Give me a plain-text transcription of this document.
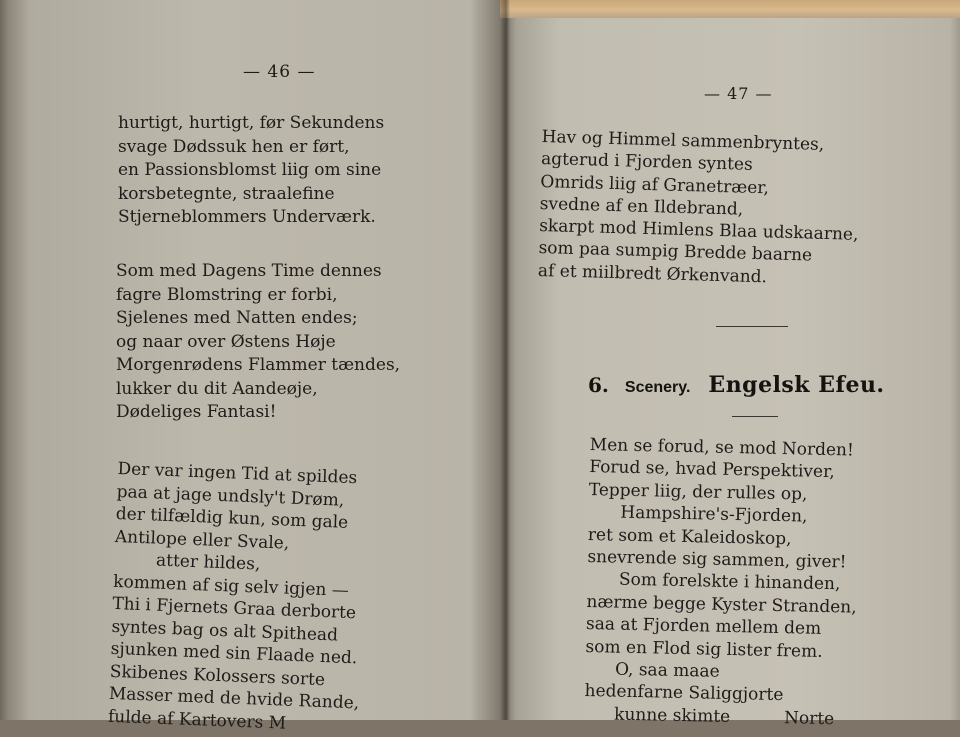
— 46 —
hurtigt, hurtigt, før Sekundens
svage Dødssuk hen er ført,
en Passionsblomst liig om sine
korsbetegnte, straalefine
Stjerneblommers Underværk.
Som med Dagens Time dennes
fagre Blomstring er forbi,
Sjelenes med Natten endes;
og naar over Østens Høje
Morgenrødens Flammer tændes,
lukker du dit Aandeøje,
Dødeliges Fantasi!
Der var ingen Tid at spildes
paa at jage undsly't Drøm,
der tilfældig kun, som gale
Antilope eller Svale,
atter hildes,
kommen af sig selv igjen —
Thi i Fjernets Graa derborte
syntes bag os alt Spithead
sjunken med sin Flaade ned.
Skibenes Kolossers sorte
Masser med de hvide Rande,
fulde af Kartovers M
— 47 —
Hav og Himmel sammenbryntes,
agterud i Fjorden syntes
Omrids liig af Granetræer,
svedne af en Ildebrand,
skarpt mod Himlens Blaa udskaarne,
som paa sumpig Bredde baarne
af et miilbredt Ørkenvand.
6. Scenery. Engelsk Efeu.
Men se forud, se mod Norden!
Forud se, hvad Perspektiver,
Tepper liig, der rulles op,
Hampshire's-Fjorden,
ret som et Kaleidoskop,
snevrende sig sammen, giver!
Som forelskte i hinanden,
nærme begge Kyster Stranden,
saa at Fjorden mellem dem
som en Flod sig lister frem.
O, saa maae
hedenfarne Saliggjorte
kunne skimte	Norte
